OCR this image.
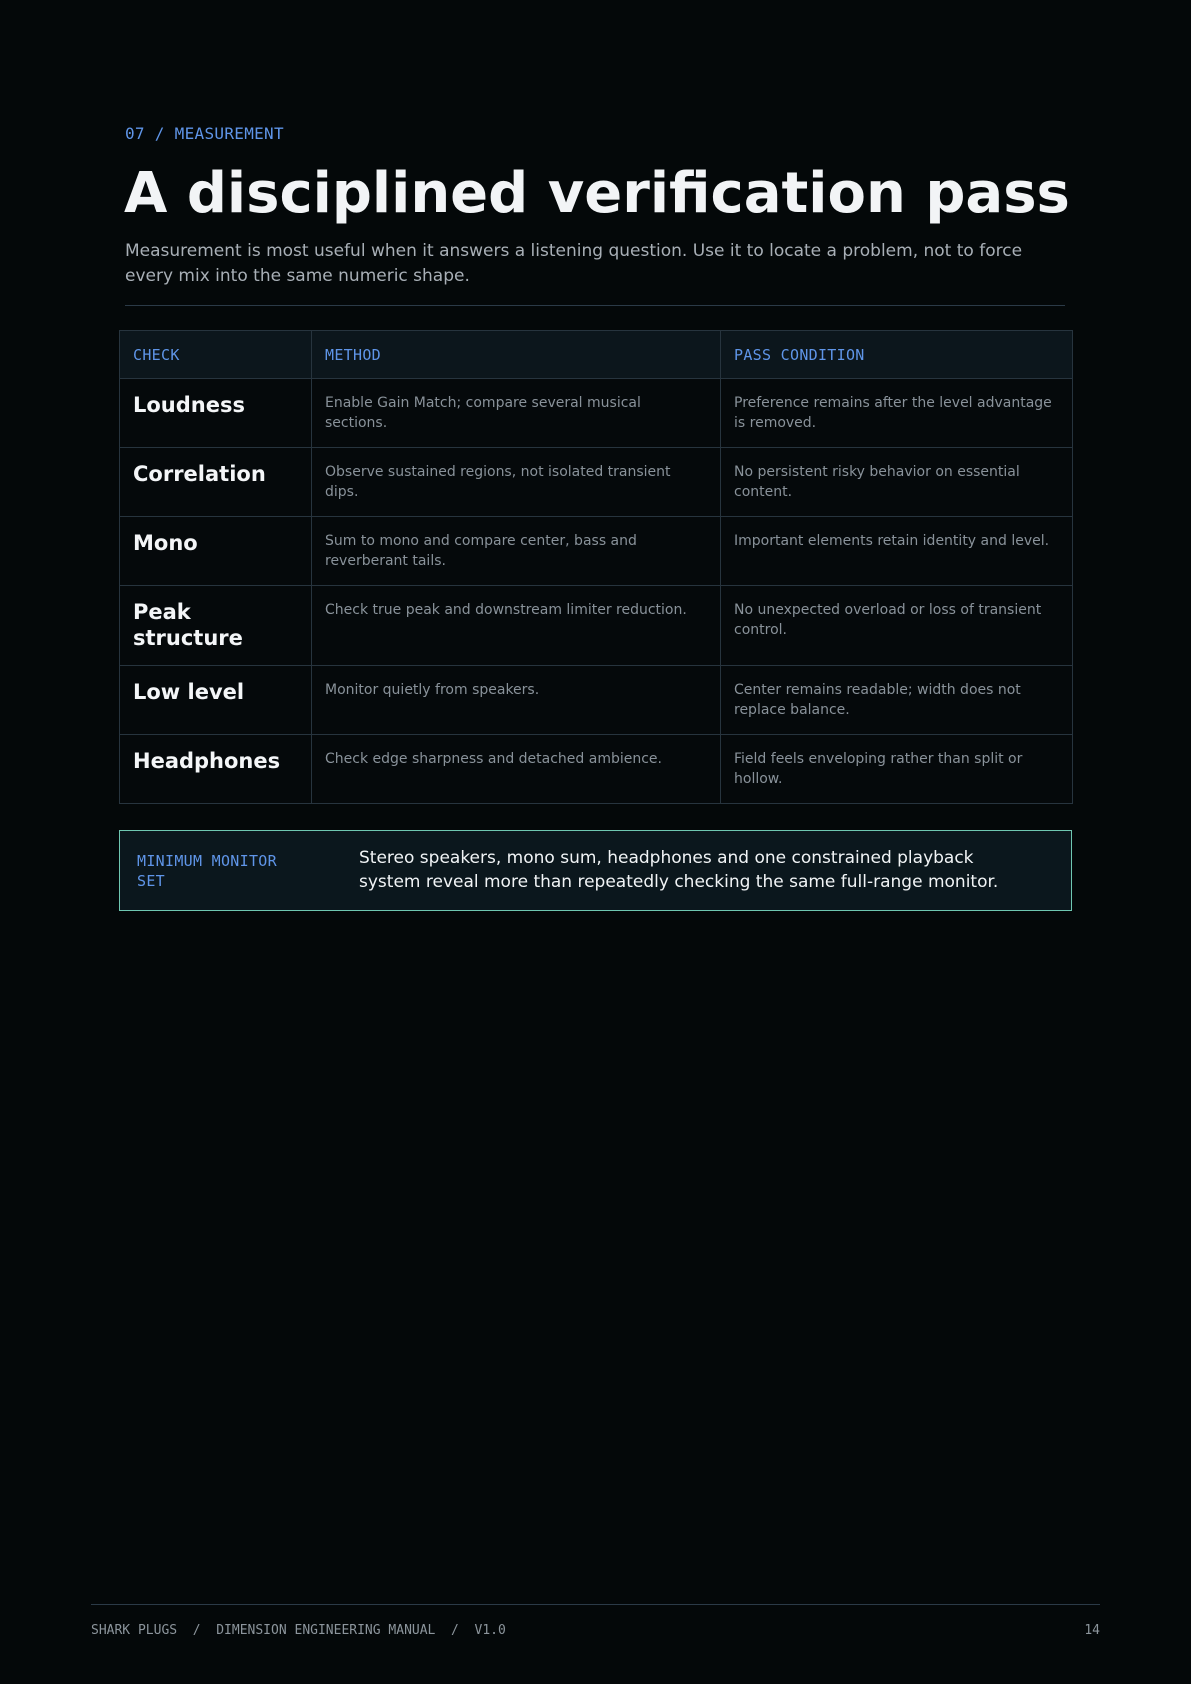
07 / MEASUREMENT
A disciplined verification pass

Measurement is most useful when it answers a listening question. Use it to locate a problem, not to force every mix into the same numeric shape.

CHECK	METHOD	PASS CONDITION

Loudness	Enable Gain Match; compare several musical sections.	Preference remains after the level advantage is removed.

Correlation	Observe sustained regions, not isolated transient dips.	No persistent risky behavior on essential content.

Mono	Sum to mono and compare center, bass and reverberant tails.	Important elements retain identity and level.

Peak structure	Check true peak and downstream limiter reduction.	No unexpected overload or loss of transient control.

Low level	Monitor quietly from speakers.	Center remains readable; width does not replace balance.

Headphones	Check edge sharpness and detached ambience.	Field feels enveloping rather than split or hollow.
MINIMUM MONITOR SET
Stereo speakers, mono sum, headphones and one constrained playback system reveal more than repeatedly checking the same full-range monitor.
SHARK PLUGS  /  DIMENSION ENGINEERING MANUAL  /  V1.0	14
